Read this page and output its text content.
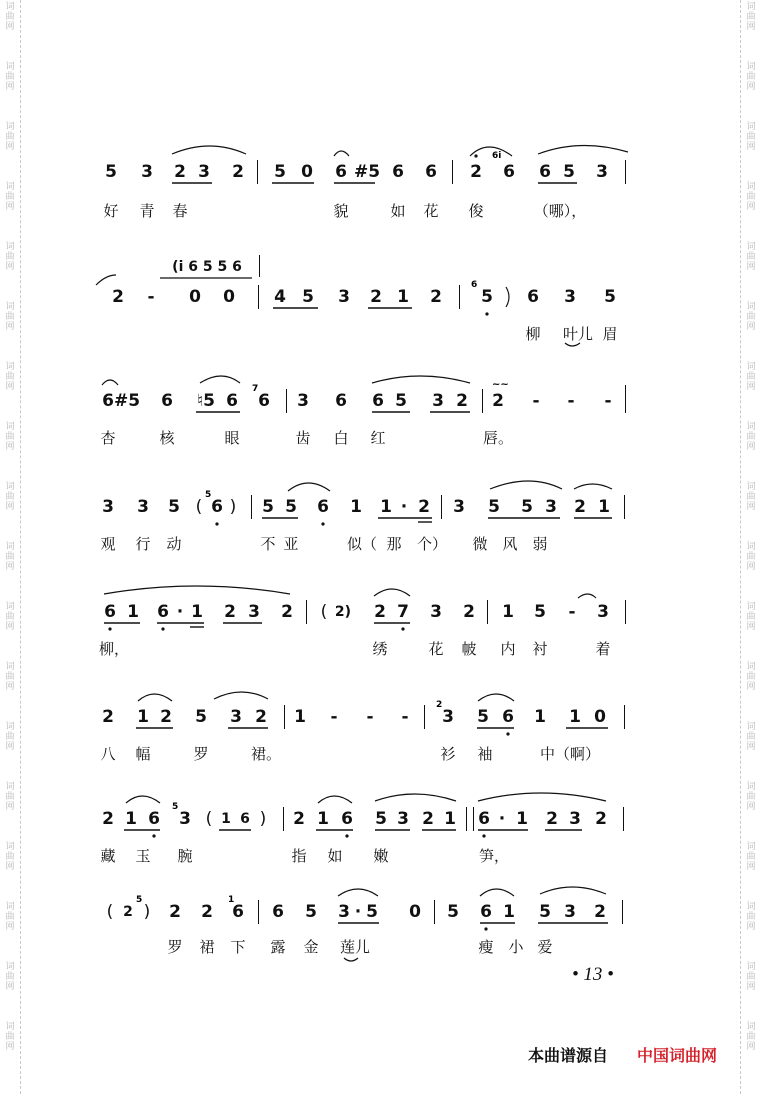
词
曲
网
词
曲
网
词
曲
网
词
曲
网
词
曲
网
词
曲
网
词
曲
网
词
曲
网
词
曲
网
词
曲
网
词
曲
网
词
曲
网
词
曲
网
词
曲
网
词
曲
网
词
曲
网
词
曲
网
词
曲
网
词
曲
网
词
曲
网
词
曲
网
词
曲
网
词
曲
网
词
曲
网
词
曲
网
词
曲
网
词
曲
网
词
曲
网
词
曲
网
词
曲
网
词
曲
网
词
曲
网
词
曲
网
词
曲
网
词
曲
网
词
曲
网
5 3 2 3 2 5 0 6 #5 6 6 2 6 6 5 3
6i
好 青 春	貌	如 花 俊	（哪），
(i 6 5 5 6
2 - 0 0 4 5 3 2 1 2 5 6 3 5
6
柳 叶儿 眉
6 #5 6 ♮5 6 6 3 6 6 5 3 2 2 - - -
7	~~
杏	核	眼	齿 白 红	唇。
3 3 5 ( 6 ) 5 5 6 1 1 · 2 3 5 5 3 2 1
5
观 行 动	不 亚	似（ 那 个） 微 风 弱
6 1 6 · 1 2 3 2 ( 2) 2 7 3 2 1 5 - 3
柳，	绣	花 帔 内 衬	着
2 1 2 5 3 2 1 - - - 3 5 6 1 1 0
2
八 幅	罗	裙。	衫 袖	中（啊）
2 1 6 3 ( 1 6 ) 2 1 6 5 3 2 1 6 · 1 2 3 2
5
藏 玉 腕	指 如 嫩	笋，
( 2 ) 2 2 6 6 5 3 · 5 0 5 6 1 5 3 2
5	1
罗 裙 下 露 金 莲儿	瘦 小 爱
• 13 •
本曲谱源自 中国词曲网
